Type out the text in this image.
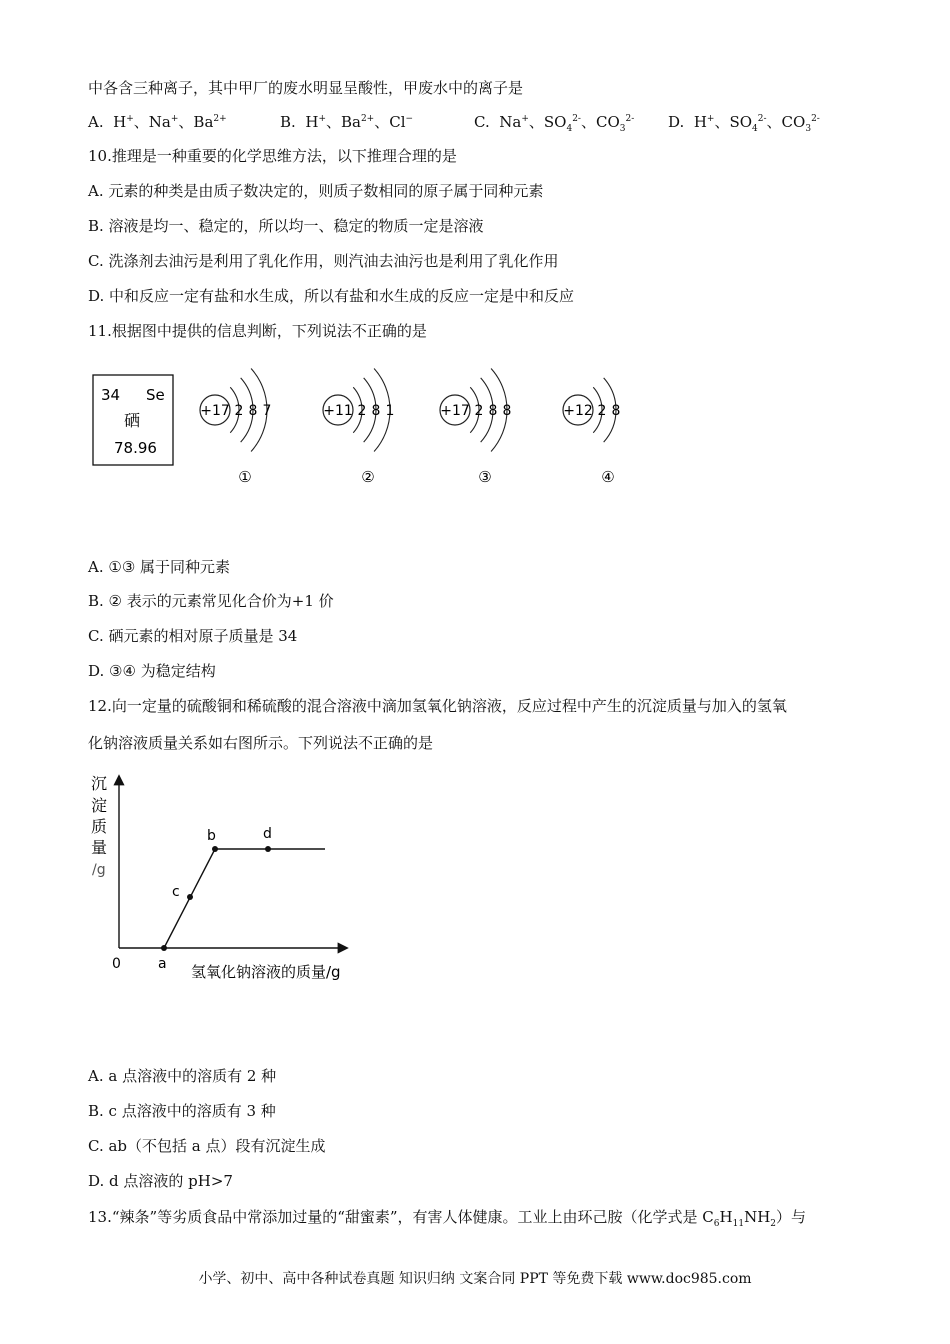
中各含三种离子，其中甲厂的废水明显呈酸性，甲废水中的离子是
A. H+、Na+、$Ba^{2+}$	B. H+、$Ba^{2+}$、Cl−	C. Na+、$SO_4^{2-}$、$CO_3^{2-}$ D. H+、$SO_4^{2-}$、$CO_3^{2-}$
10.推理是一种重要的化学思维方法，以下推理合理的是
A. 元素的种类是由质子数决定的，则质子数相同的原子属于同种元素
B. 溶液是均一、稳定的，所以均一、稳定的物质一定是溶液
C. 洗涤剂去油污是利用了乳化作用，则汽油去油污也是利用了乳化作用
D. 中和反应一定有盐和水生成，所以有盐和水生成的反应一定是中和反应
11.根据图中提供的信息判断，下列说法不正确的是
34 Se
硒
78.96
+17 2 8 7
①
+11 2 8 1
②
+17 2 8 8
③
+12 2 8
④
A. ①③ 属于同种元素
B. ② 表示的元素常见化合价为+1 价
C. 硒元素的相对原子质量是 34
D. ③④ 为稳定结构
12.向一定量的硫酸铜和稀硫酸的混合溶液中滴加氢氧化钠溶液，反应过程中产生的沉淀质量与加入的氢氧
化钠溶液质量关系如右图所示。下列说法不正确的是
沉
淀
质
量
/g
0	a
b
c
d
氢氧化钠溶液的质量/g
A. a 点溶液中的溶质有 2 种
B. c 点溶液中的溶质有 3 种
C. ab（不包括 a 点）段有沉淀生成
D. d 点溶液的 pH>7
13.“辣条”等劣质食品中常添加过量的“甜蜜素”，有害人体健康。工业上由环己胺（化学式是 $C_6H_{11}NH_2$）与
小学、初中、高中各种试卷真题 知识归纳 文案合同 PPT 等免费下载 www.doc985.com
